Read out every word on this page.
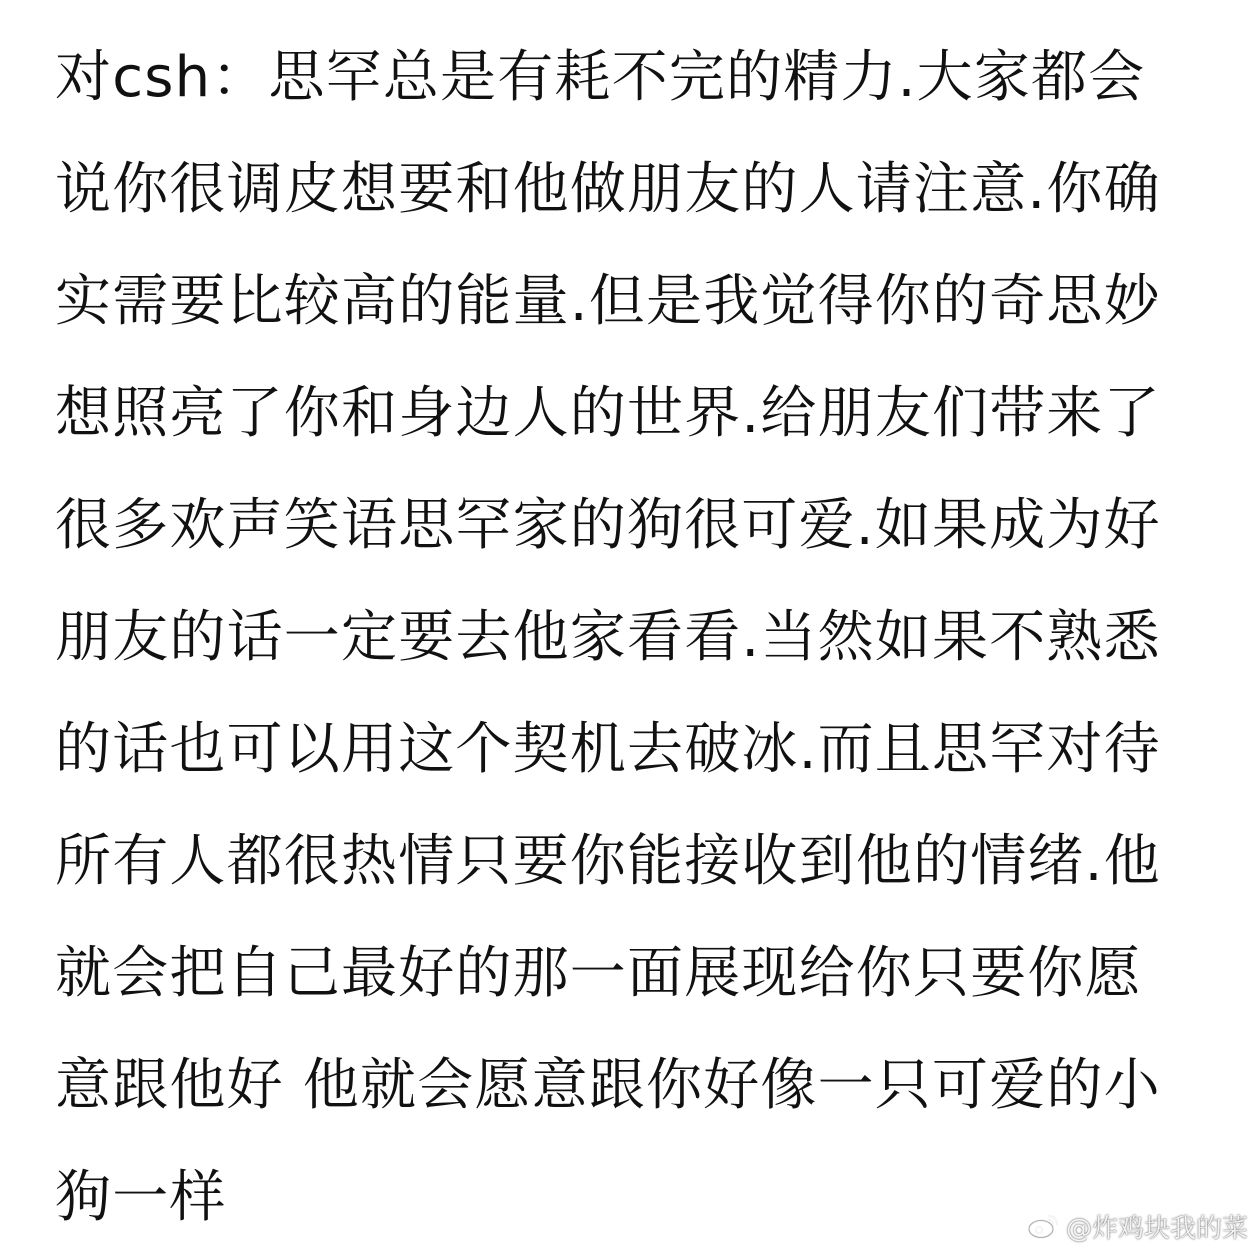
对csh：思罕总是有耗不完的精力.大家都会
说你很调皮想要和他做朋友的人请注意.你确
实需要比较高的能量.但是我觉得你的奇思妙
想照亮了你和身边人的世界.给朋友们带来了
很多欢声笑语思罕家的狗很可爱.如果成为好
朋友的话一定要去他家看看.当然如果不熟悉
的话也可以用这个契机去破冰.而且思罕对待
所有人都很热情只要你能接收到他的情绪.他
就会把自己最好的那一面展现给你只要你愿
意跟他好 他就会愿意跟你好像一只可爱的小
狗一样	@炸鸡块我的菜
